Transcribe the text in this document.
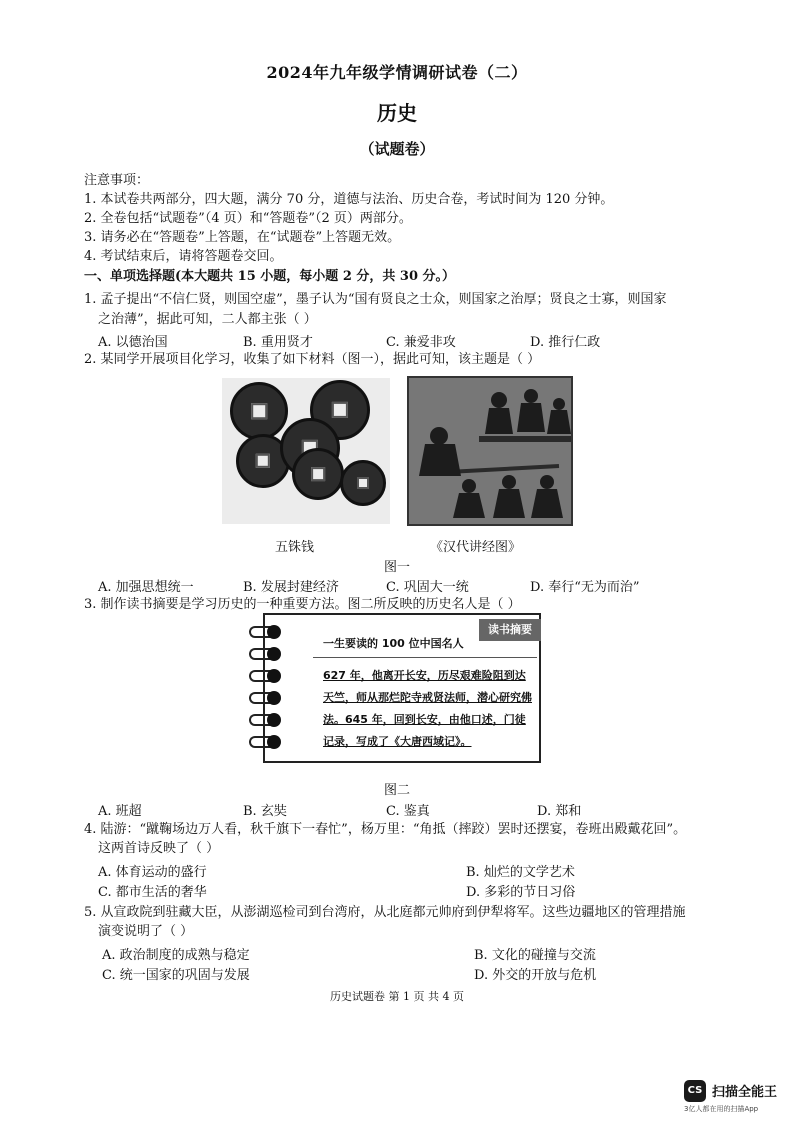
2024年九年级学情调研试卷（二）
历史
（试题卷）
注意事项：
1. 本试卷共两部分，四大题，满分 70 分，道德与法治、历史合卷，考试时间为 120 分钟。
2. 全卷包括“试题卷”（4 页）和“答题卷”（2 页）两部分。
3. 请务必在“答题卷”上答题，在“试题卷”上答题无效。
4. 考试结束后，请将答题卷交回。
一、单项选择题(本大题共 15 小题，每小题 2 分，共 30 分。）
1. 孟子提出“不信仁贤，则国空虚”，墨子认为“国有贤良之士众，则国家之治厚；贤良之士寡，则国家
之治薄”，据此可知，二人都主张（ ）
A. 以德治国	B. 重用贤才	C. 兼爱非攻	D. 推行仁政
2. 某同学开展项目化学习，收集了如下材料（图一），据此可知，该主题是（ ）
五铢钱	《汉代讲经图》
图一
A. 加强思想统一	B. 发展封建经济	C. 巩固大一统	D. 奉行“无为而治”
3. 制作读书摘要是学习历史的一种重要方法。图二所反映的历史名人是（ ）
一生要读的 100 位中国名人
读书摘要
627 年，他离开长安，历尽艰难险阻到达天竺，师从那烂陀寺戒贤法师，潜心研究佛法。645 年，回到长安，由他口述，门徒记录，写成了《大唐西域记》。
图二
A. 班超	B. 玄奘	C. 鉴真	D. 郑和
4. 陆游：“蹴鞠场边万人看，秋千旗下一春忙”，杨万里：“角抵（摔跤）罢时还摆宴，卷班出殿戴花回”。
这两首诗反映了（ ）
A. 体育运动的盛行	B. 灿烂的文学艺术
C. 都市生活的奢华	D. 多彩的节日习俗
5. 从宣政院到驻藏大臣，从澎湖巡检司到台湾府，从北庭都元帅府到伊犁将军。这些边疆地区的管理措施
演变说明了（ ）
A. 政治制度的成熟与稳定	B. 文化的碰撞与交流
C. 统一国家的巩固与发展	D. 外交的开放与危机
历史试题卷 第 1 页 共 4 页
CS 扫描全能王
3亿人都在用的扫描App
